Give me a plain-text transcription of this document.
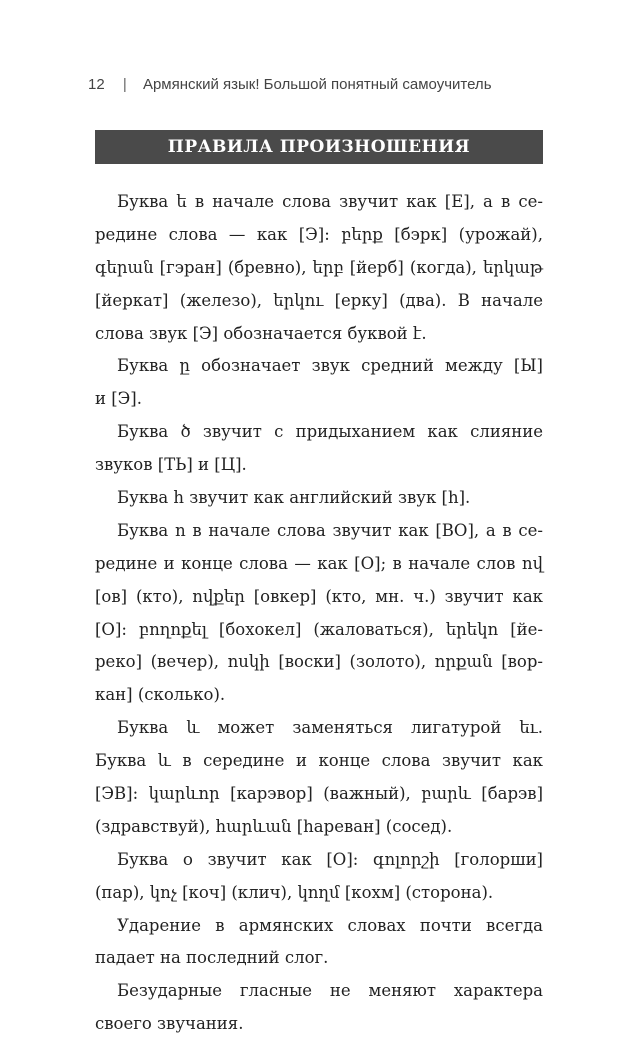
12 | Армянский язык! Большой понятный самоучитель
ПРАВИЛА ПРОИЗНОШЕНИЯ
Буква ե в начале слова звучит как [Е], а в се-
редине слова — как [Э]: բերք [бэрк] (урожай),
գերան [гэран] (бревно), երբ [йерб] (когда), երկաթ
[йеркат] (железо), երկու [ерку] (два). В начале
слова звук [Э] обозначается буквой է.
Буква ը обозначает звук средний между [Ы]
и [Э].
Буква ծ звучит с придыханием как слияние
звуков [ТЬ] и [Ц].
Буква հ звучит как английский звук [h].
Буква ո в начале слова звучит как [ВО], а в се-
редине и конце слова — как [О]; в начале слов ով
[ов] (кто), ովքեր [овкер] (кто, мн. ч.) звучит как
[О]: բողոքել [бохокел] (жаловаться), երեկո [йе-
реко] (вечер), ոսկի [воски] (золото), որքան [вор-
кан] (сколько).
Буква և может заменяться лигатурой եւ.
Буква և в середине и конце слова звучит как
[ЭВ]: կարևոր [карэвор] (важный), բարև [барэв]
(здравствуй), հարևան [hареван] (сосед).
Буква օ звучит как [О]: գոլորշի [голорши]
(пар), կոչ [коч] (клич), կողմ [кохм] (сторона).
Ударение в армянских словах почти всегда
падает на последний слог.
Безударные гласные не меняют характера
своего звучания.
